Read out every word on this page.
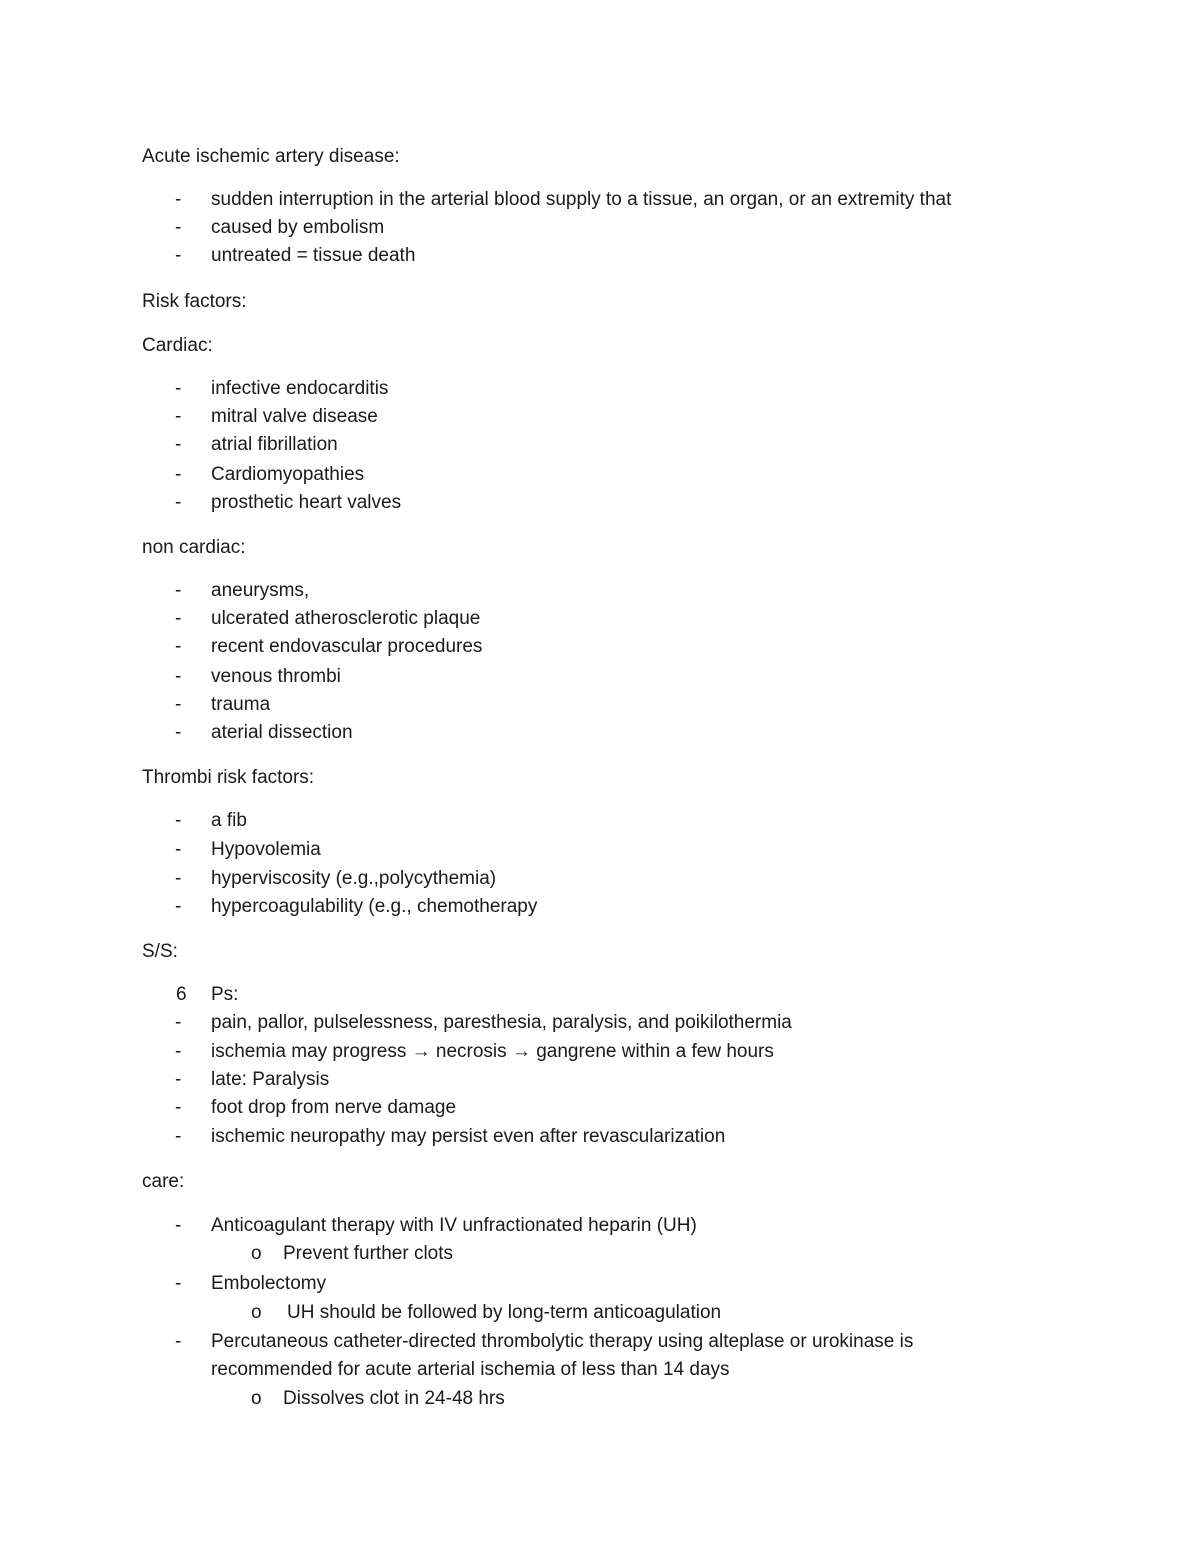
Acute ischemic artery disease:
- sudden interruption in the arterial blood supply to a tissue, an organ, or an extremity that
- caused by embolism
- untreated = tissue death
Risk factors:
Cardiac:
- infective endocarditis
- mitral valve disease
- atrial fibrillation
- Cardiomyopathies
- prosthetic heart valves
non cardiac:
- aneurysms,
- ulcerated atherosclerotic plaque
- recent endovascular procedures
- venous thrombi
- trauma
- aterial dissection
Thrombi risk factors:
- a fib
- Hypovolemia
- hyperviscosity (e.g.,polycythemia)
- hypercoagulability (e.g., chemotherapy
S/S:
6 Ps:
- pain, pallor, pulselessness, paresthesia, paralysis, and poikilothermia
- ischemia may progress → necrosis → gangrene within a few hours
- late: Paralysis
- foot drop from nerve damage
- ischemic neuropathy may persist even after revascularization
care:
- Anticoagulant therapy with IV unfractionated heparin (UH)
o Prevent further clots
- Embolectomy
o UH should be followed by long-term anticoagulation
- Percutaneous catheter-directed thrombolytic therapy using alteplase or urokinase is
recommended for acute arterial ischemia of less than 14 days
o Dissolves clot in 24-48 hrs
